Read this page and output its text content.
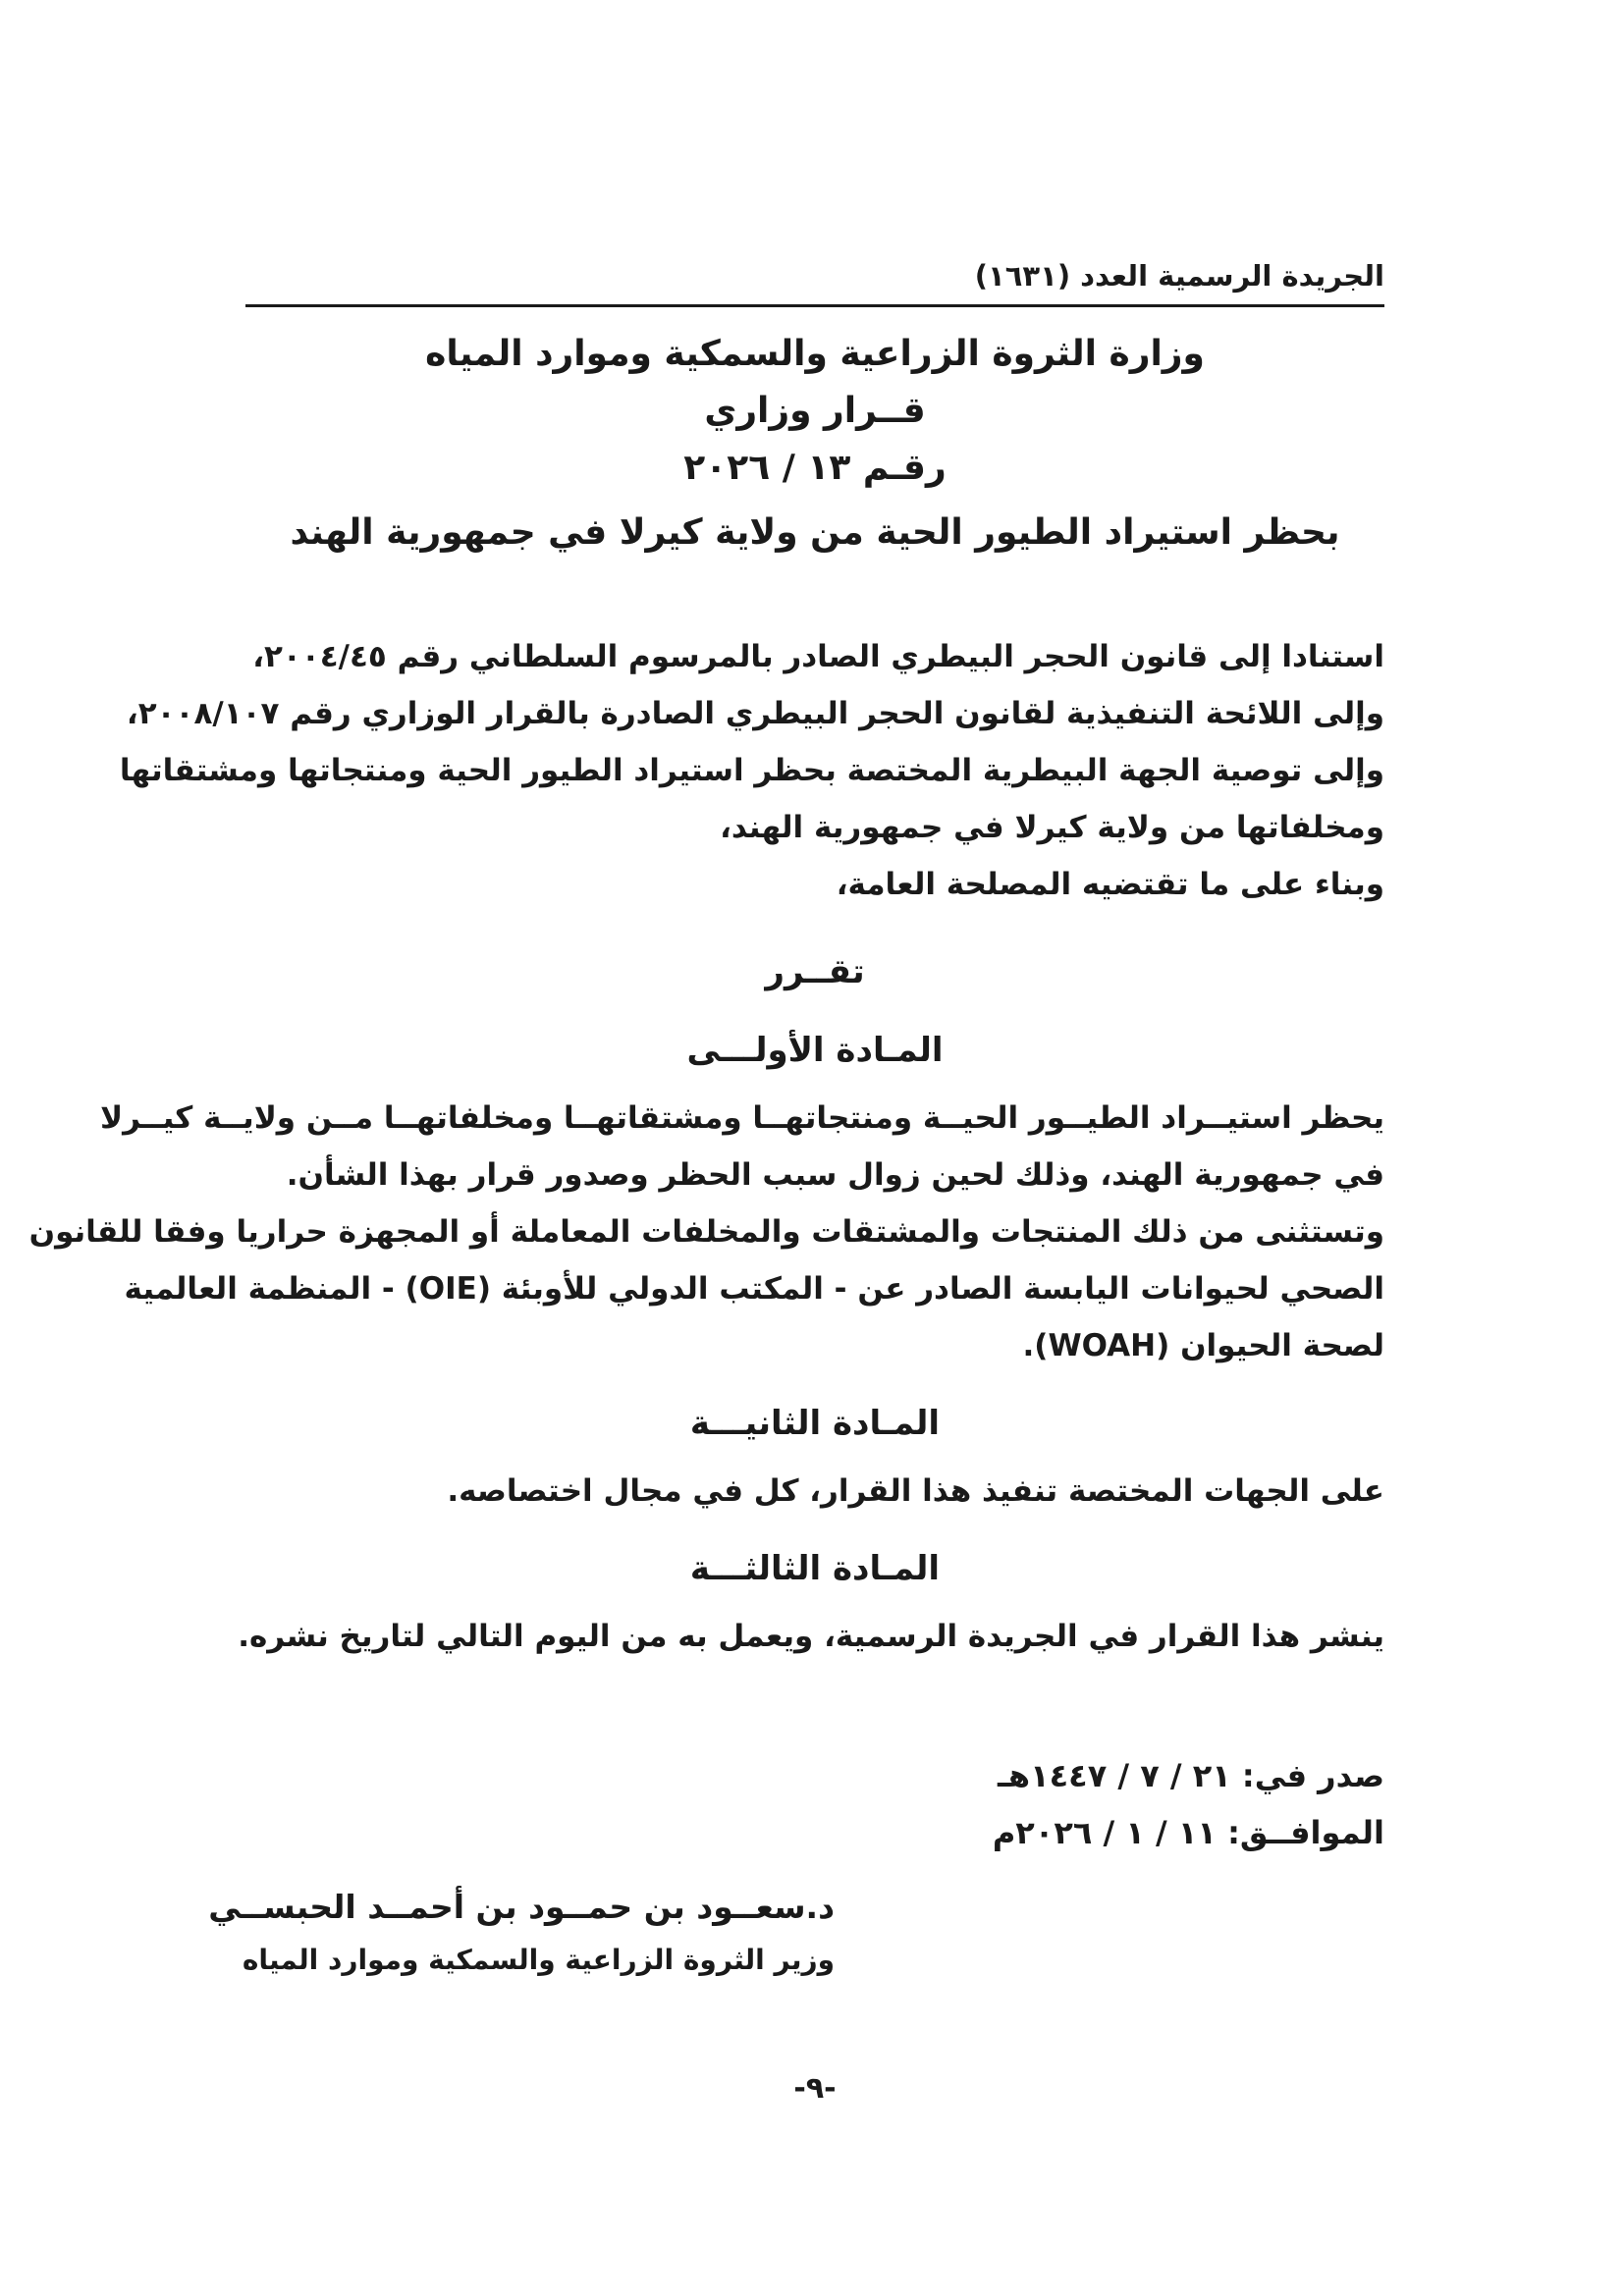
الجريدة الرسمية العدد (١٦٣١)
وزارة الثروة الزراعية والسمكية وموارد المياه
قــرار وزاري
رقـم ١٣ / ٢٠٢٦
بحظر استيراد الطيور الحية من ولاية كيرلا في جمهورية الهند
استنادا إلى قانون الحجر البيطري الصادر بالمرسوم السلطاني رقم ٢٠٠٤/٤٥،
وإلى اللائحة التنفيذية لقانون الحجر البيطري الصادرة بالقرار الوزاري رقم ٢٠٠٨/١٠٧،
وإلى توصية الجهة البيطرية المختصة بحظر استيراد الطيور الحية ومنتجاتها ومشتقاتها
ومخلفاتها من ولاية كيرلا في جمهورية الهند،
وبناء على ما تقتضيه المصلحة العامة،
تقــرر
المـادة الأولـــى
يحظر استيــراد الطيــور الحيــة ومنتجاتهــا ومشتقاتهــا ومخلفاتهــا مــن ولايــة كيــرلا
في جمهورية الهند، وذلك لحين زوال سبب الحظر وصدور قرار بهذا الشأن.
وتستثنى من ذلك المنتجات والمشتقات والمخلفات المعاملة أو المجهزة حراريا وفقا للقانون
الصحي لحيوانات اليابسة الصادر عن - المكتب الدولي للأوبئة (OIE) - المنظمة العالمية
لصحة الحيوان (WOAH).
المـادة الثانيـــة
على الجهات المختصة تنفيذ هذا القرار، كل في مجال اختصاصه.
المـادة الثالثـــة
ينشر هذا القرار في الجريدة الرسمية، ويعمل به من اليوم التالي لتاريخ نشره.
صدر في: ٢١ / ٧ / ١٤٤٧هـ
الموافــق: ١١ / ١ / ٢٠٢٦م
د.سعــود بن حمــود بن أحمــد الحبســي
وزير الثروة الزراعية والسمكية وموارد المياه
-٩-
